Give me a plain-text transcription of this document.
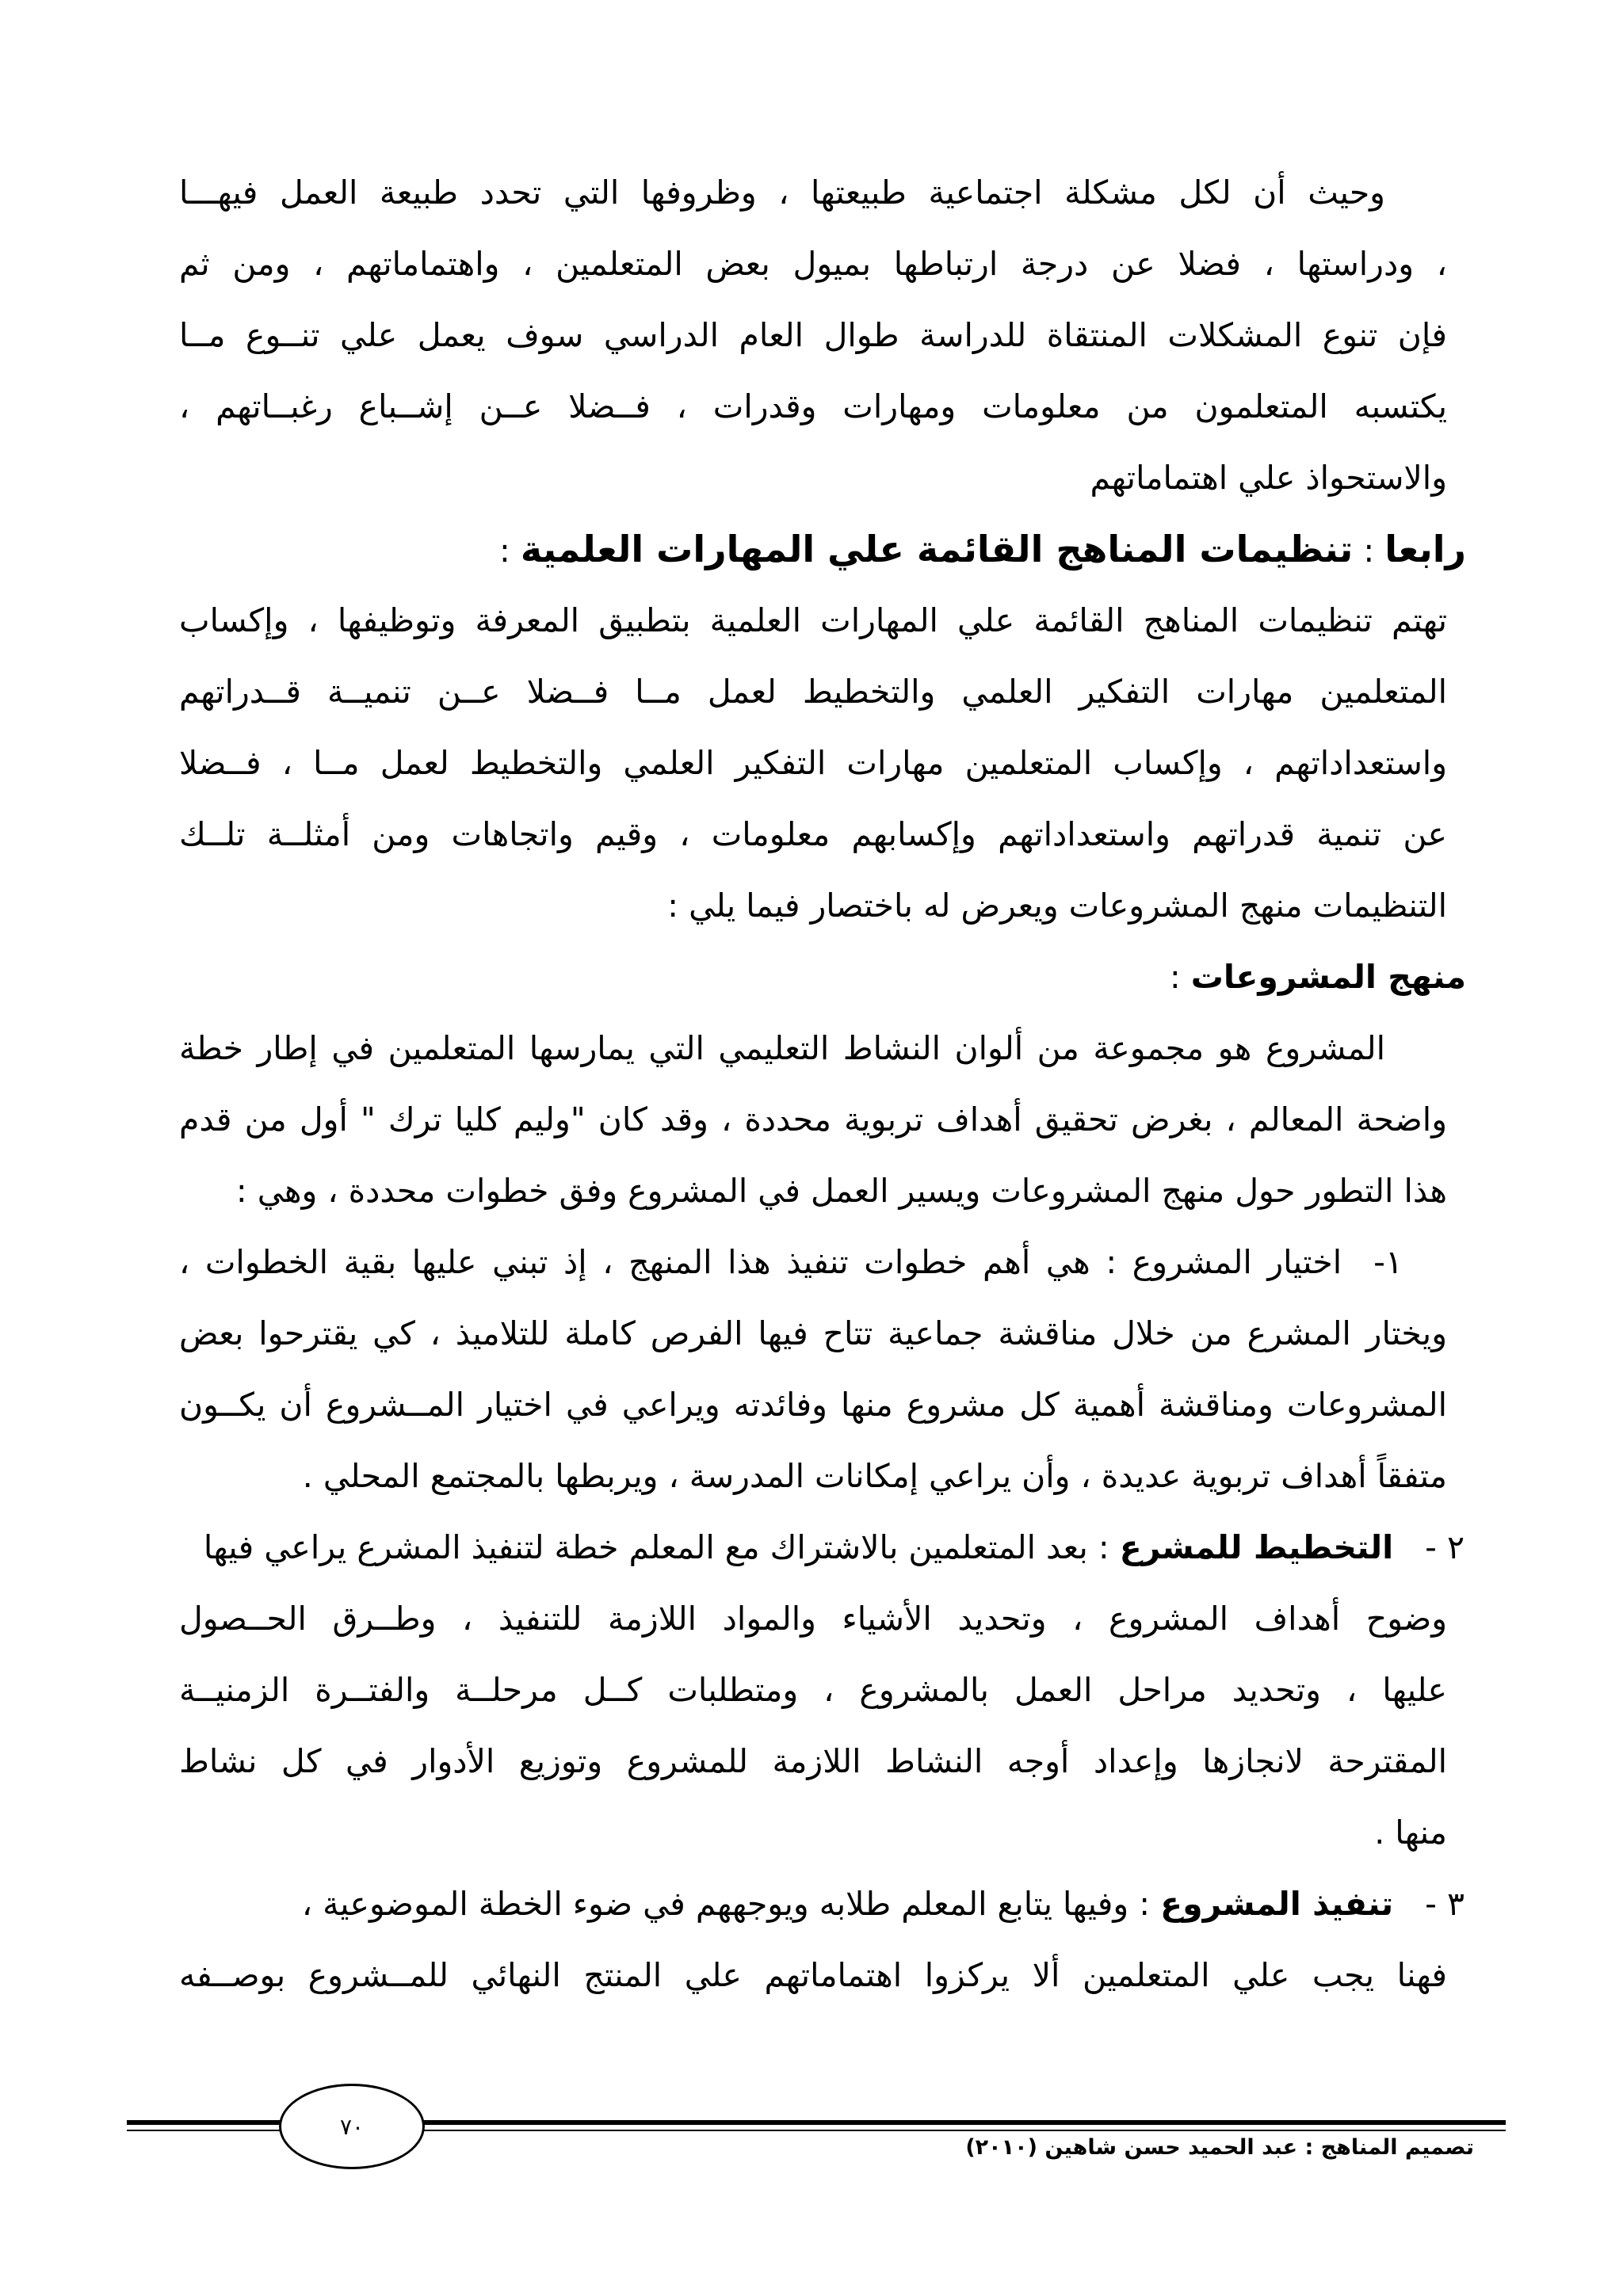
وحيث أن لكل مشكلة اجتماعية طبيعتها ، وظروفها التي تحدد طبيعة العمل فيهـــا
، ودراستها ، فضلا عن درجة ارتباطها بميول بعض المتعلمين ، واهتماماتهم ، ومن ثم
فإن تنوع المشكلات المنتقاة للدراسة طوال العام الدراسي سوف يعمل علي تنــوع مــا
يكتسبه المتعلمون من معلومات ومهارات وقدرات ، فــضلا عــن إشــباع رغبــاتهم ،
والاستحواذ علي اهتماماتهم
رابعا : تنظيمات المناهج القائمة علي المهارات العلمية :
تهتم تنظيمات المناهج القائمة علي المهارات العلمية بتطبيق المعرفة وتوظيفها ، وإكساب
المتعلمين مهارات التفكير العلمي والتخطيط لعمل مــا فــضلا عــن تنميــة قــدراتهم
واستعداداتهم ، وإكساب المتعلمين مهارات التفكير العلمي والتخطيط لعمل مــا ، فــضلا
عن تنمية قدراتهم واستعداداتهم وإكسابهم معلومات ، وقيم واتجاهات ومن أمثلــة تلــك
التنظيمات منهج المشروعات ويعرض له باختصار فيما يلي :
منهج المشروعات :
المشروع هو مجموعة من ألوان النشاط التعليمي التي يمارسها المتعلمين في إطار خطة
واضحة المعالم ، بغرض تحقيق أهداف تربوية محددة ، وقد كان "وليم كليا ترك " أول من قدم
هذا التطور حول منهج المشروعات ويسير العمل في المشروع وفق خطوات محددة ، وهي :
١-اختيار المشروع : هي أهم خطوات تنفيذ هذا المنهج ، إذ تبني عليها بقية الخطوات ،
ويختار المشرع من خلال مناقشة جماعية تتاح فيها الفرص كاملة للتلاميذ ، كي يقترحوا بعض
المشروعات ومناقشة أهمية كل مشروع منها وفائدته ويراعي في اختيار المــشروع أن يكــون
متفقاً أهداف تربوية عديدة ، وأن يراعي إمكانات المدرسة ، ويربطها بالمجتمع المحلي .
٢ -التخطيط للمشرع : بعد المتعلمين بالاشتراك مع المعلم خطة لتنفيذ المشرع يراعي فيها
وضوح أهداف المشروع ، وتحديد الأشياء والمواد اللازمة للتنفيذ ، وطــرق الحــصول
عليها ، وتحديد مراحل العمل بالمشروع ، ومتطلبات كــل مرحلــة والفتــرة الزمنيــة
المقترحة لانجازها وإعداد أوجه النشاط اللازمة للمشروع وتوزيع الأدوار في كل نشاط
منها .
٣ -تنفيذ المشروع : وفيها يتابع المعلم طلابه ويوجههم في ضوء الخطة الموضوعية ،
فهنا يجب علي المتعلمين ألا يركزوا اهتماماتهم علي المنتج النهائي للمــشروع بوصــفه
٧٠
تصميم المناهج : عبد الحميد حسن شاهين (٢٠١٠)
